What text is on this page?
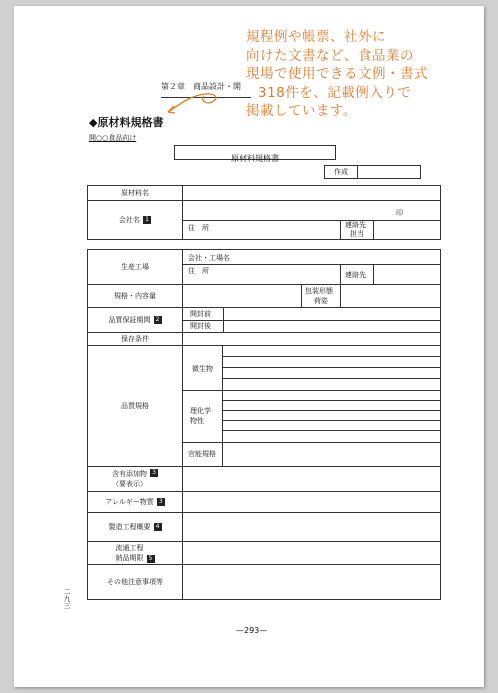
第２章　商品設計・開
◆原材料規格書
開○○食品向け
原材料規格書
作成
原材料名
会社名 1
印
住　所	連絡先
担当
生産工場
会社・工場名
住　所	連絡先
規格・内容量
包装形態
荷姿
品質保証期間 2
開封前
開封後
保存条件
品質規格
微生物
理化学
物性
官能規格
含有添加物
（要表示）
3
アレルギー物質 3
製造工程概要 4
流通工程
納品期限 5
その他注意事項等
二九三
—293—
規程例や帳票、社外に
向けた文書など、食品業の
現場で使用できる文例・書式
318件を、記載例入りで
掲載しています。
